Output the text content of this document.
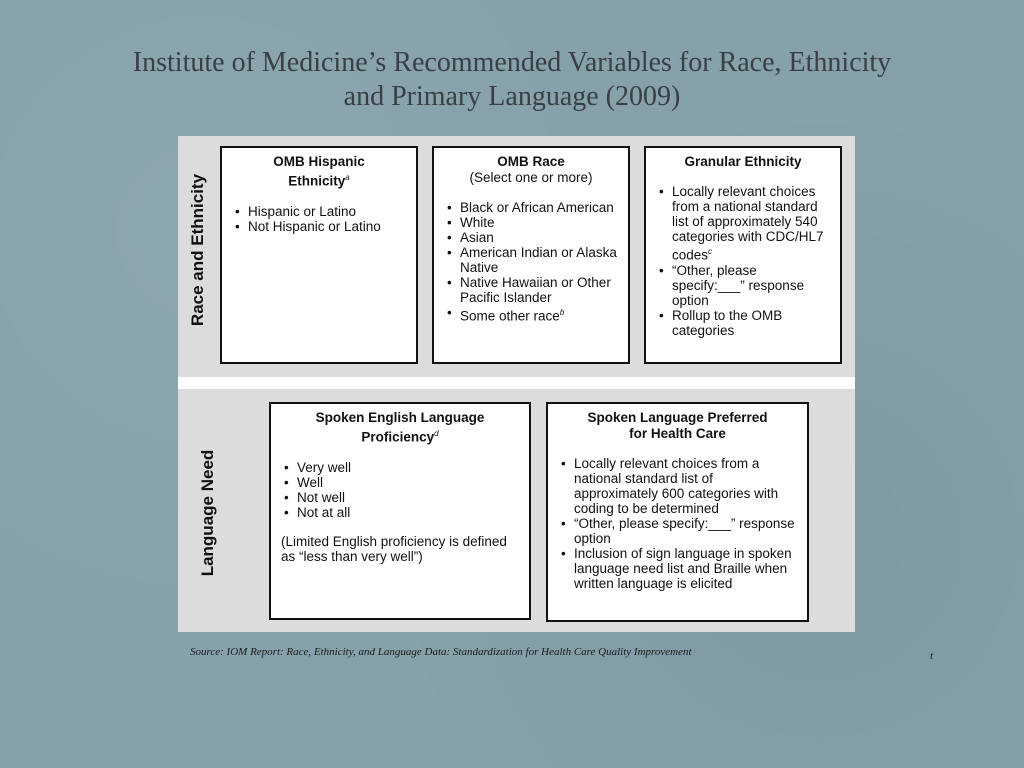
Institute of Medicine’s Recommended Variables for Race, Ethnicity
and Primary Language (2009)
Race and Ethnicity
Language Need
OMB Hispanic
Ethnicity$^a$
• Hispanic or Latino
• Not Hispanic or Latino
OMB Race
(Select one or more)
• Black or African American
• White
• Asian
• American Indian or Alaska Native
• Native Hawaiian or Other Pacific Islander
• Some other race$^b$
Granular Ethnicity
• Locally relevant choices from a national standard list of approximately 540 categories with CDC/HL7 codes$^c$
• “Other, please specify:___” response option
• Rollup to the OMB categories
Spoken English Language
Proficiency$^d$
• Very well
• Well
• Not well
• Not at all
(Limited English proficiency is defined as “less than very well”)
Spoken Language Preferred
for Health Care
• Locally relevant choices from a national standard list of approximately 600 categories with coding to be determined
• “Other, please specify:___” response option
• Inclusion of sign language in spoken language need list and Braille when written language is elicited

Source: IOM Report: Race, Ethnicity, and Language Data: Standardization for Health Care Quality Improvement	t
